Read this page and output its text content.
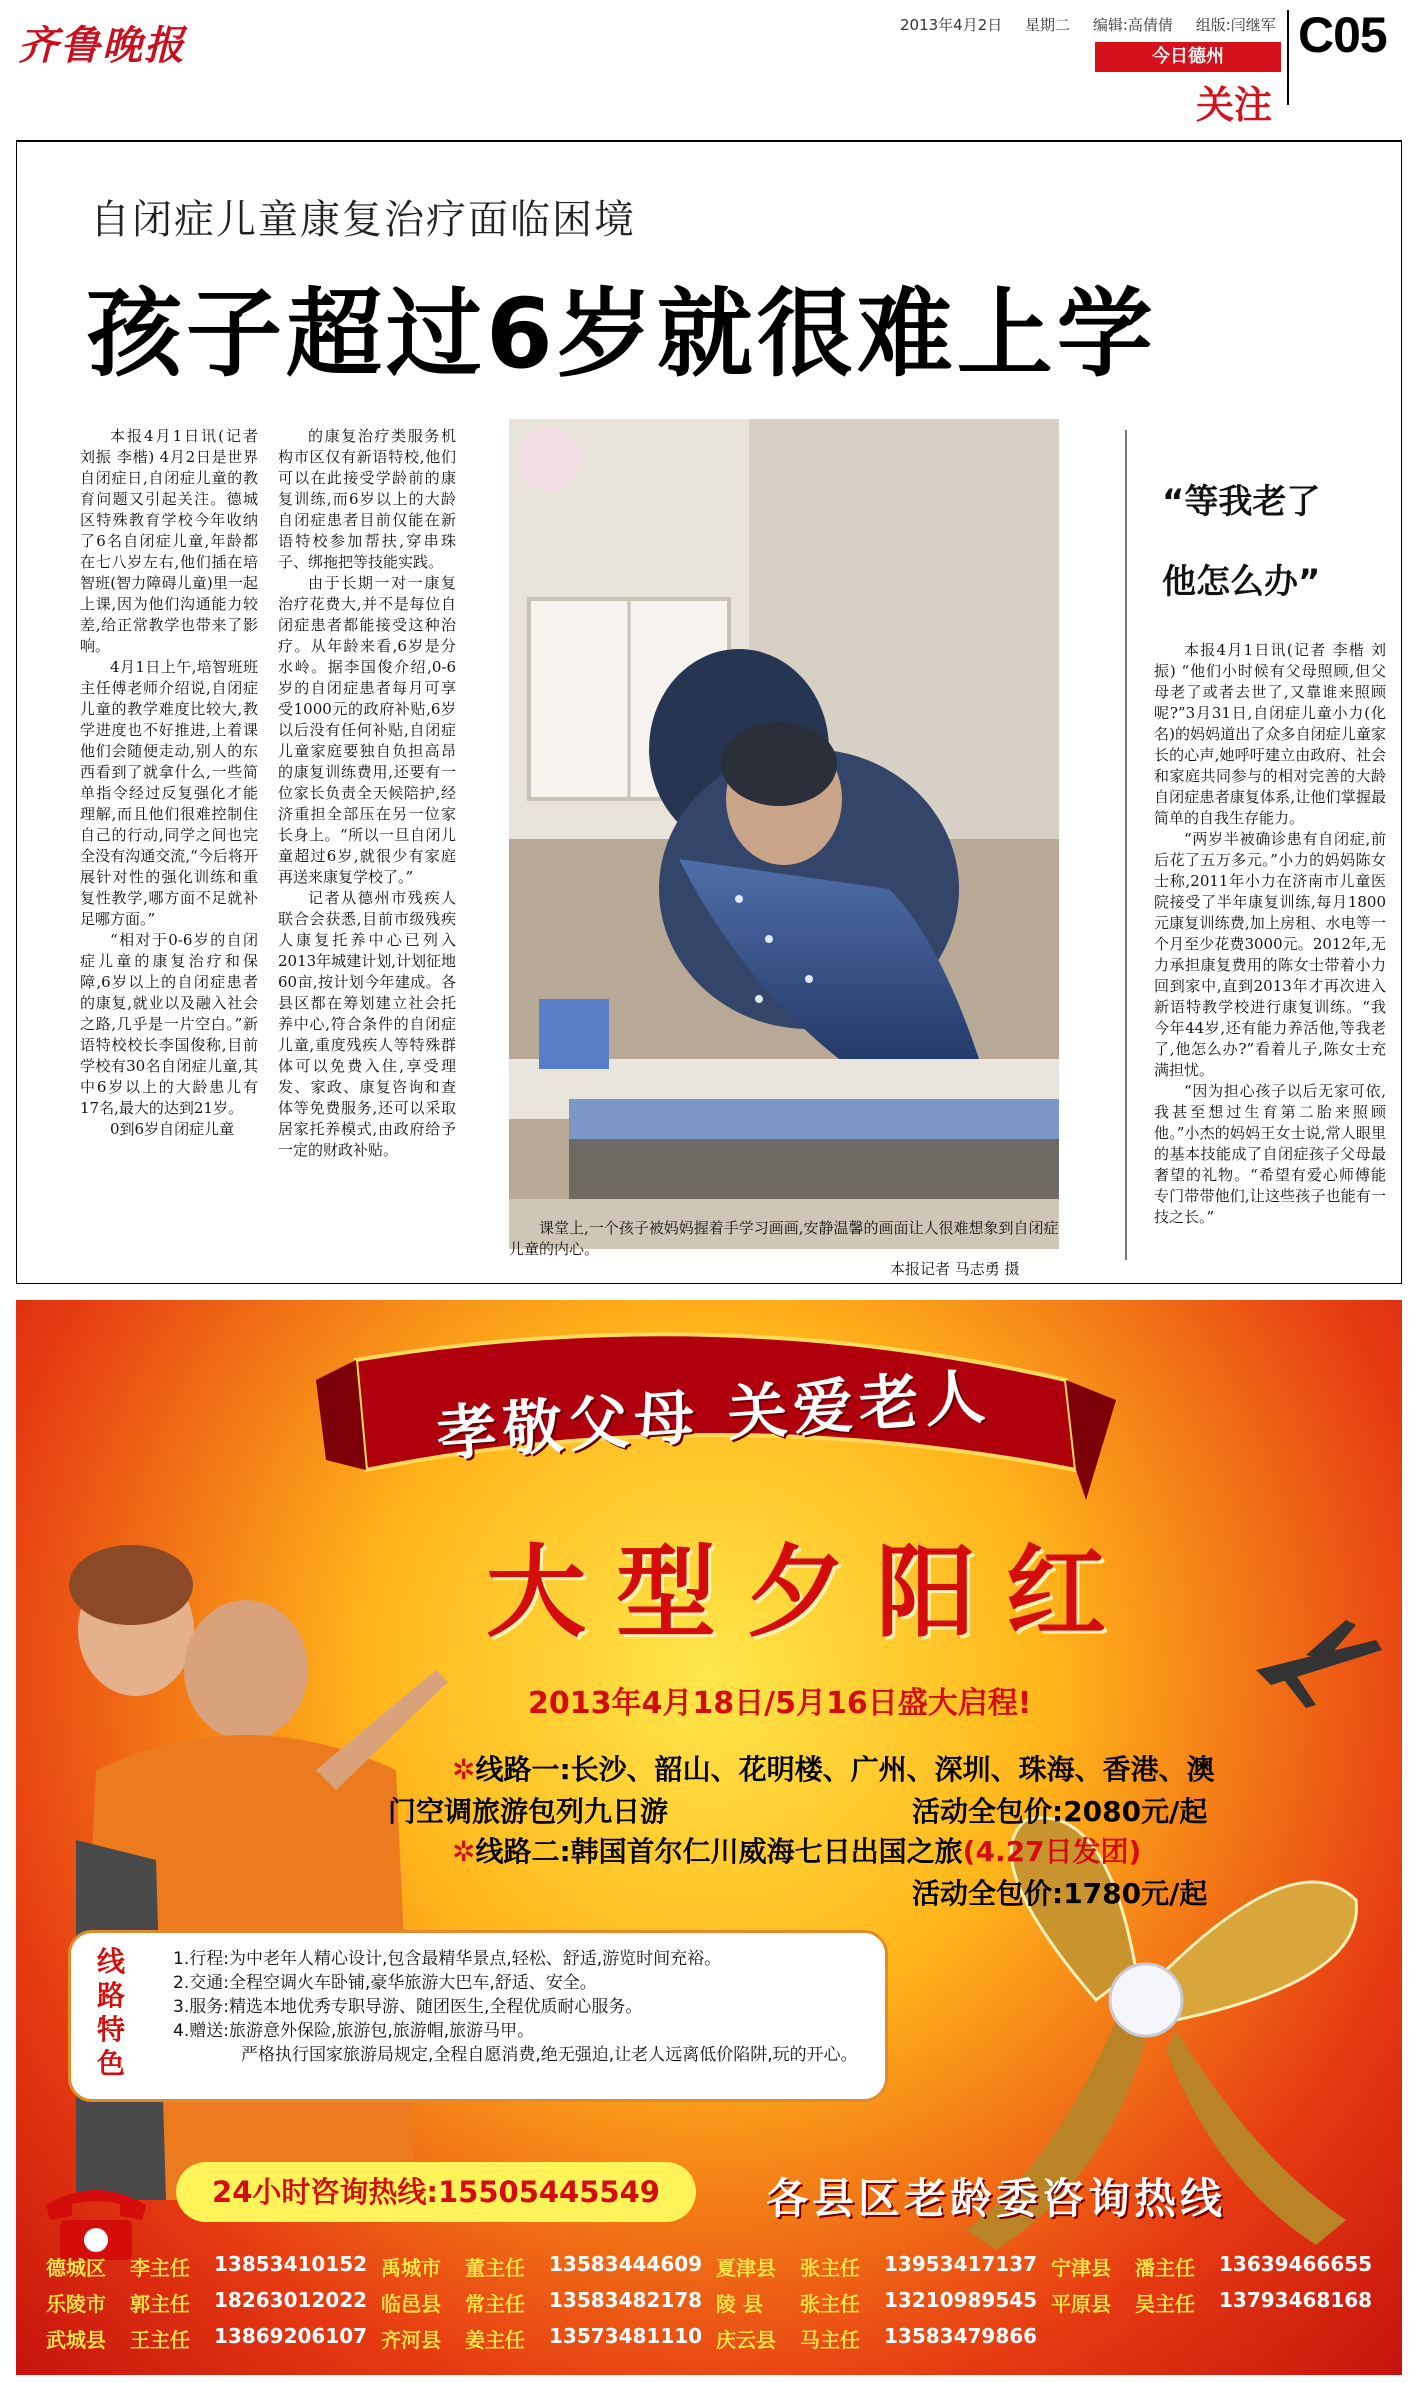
齐鲁晚报	2013年4月2日 星期二 编辑:高倩倩 组版:闫继军 C05
今日德州
关注
自闭症儿童康复治疗面临困境
孩子超过6岁就很难上学

本报4月1日讯(记者 刘振 李楷) 4月2日是世界自闭症日,自闭症儿童的教育问题又引起关注。德城区特殊教育学校今年收纳了6名自闭症儿童,年龄都在七八岁左右,他们插在培智班(智力障碍儿童)里一起上课,因为他们沟通能力较差,给正常教学也带来了影响。

4月1日上午,培智班班主任傅老师介绍说,自闭症儿童的教学难度比较大,教学进度也不好推进,上着课他们会随便走动,别人的东西看到了就拿什么,一些简单指令经过反复强化才能理解,而且他们很难控制住自己的行动,同学之间也完全没有沟通交流,“今后将开展针对性的强化训练和重复性教学,哪方面不足就补足哪方面。”

“相对于0-6岁的自闭症儿童的康复治疗和保障,6岁以上的自闭症患者的康复,就业以及融入社会之路,几乎是一片空白。”新语特校校长李国俊称,目前学校有30名自闭症儿童,其中6岁以上的大龄患儿有17名,最大的达到21岁。

0到6岁自闭症儿童

的康复治疗类服务机构市区仅有新语特校,他们可以在此接受学龄前的康复训练,而6岁以上的大龄自闭症患者目前仅能在新语特校参加帮扶,穿串珠子、绑拖把等技能实践。

由于长期一对一康复治疗花费大,并不是每位自闭症患者都能接受这种治疗。从年龄来看,6岁是分水岭。据李国俊介绍,0-6岁的自闭症患者每月可享受1000元的政府补贴,6岁以后没有任何补贴,自闭症儿童家庭要独自负担高昂的康复训练费用,还要有一位家长负责全天候陪护,经济重担全部压在另一位家长身上。“所以一旦自闭儿童超过6岁,就很少有家庭再送来康复学校了。”

记者从德州市残疾人联合会获悉,目前市级残疾人康复托养中心已列入2013年城建计划,计划征地60亩,按计划今年建成。各县区都在筹划建立社会托养中心,符合条件的自闭症儿童,重度残疾人等特殊群体可以免费入住,享受理发、家政、康复咨询和查体等免费服务,还可以采取居家托养模式,由政府给予一定的财政补贴。

课堂上,一个孩子被妈妈握着手学习画画,安静温馨的画面让人很难想象到自闭症儿童的内心。
本报记者 马志勇 摄
“等我老了
他怎么办”

本报4月1日讯(记者 李楷 刘振) “他们小时候有父母照顾,但父母老了或者去世了,又靠谁来照顾呢?”3月31日,自闭症儿童小力(化名)的妈妈道出了众多自闭症儿童家长的心声,她呼吁建立由政府、社会和家庭共同参与的相对完善的大龄自闭症患者康复体系,让他们掌握最简单的自我生存能力。

“两岁半被确诊患有自闭症,前后花了五万多元。”小力的妈妈陈女士称,2011年小力在济南市儿童医院接受了半年康复训练,每月1800元康复训练费,加上房租、水电等一个月至少花费3000元。2012年,无力承担康复费用的陈女士带着小力回到家中,直到2013年才再次进入新语特教学校进行康复训练。“我今年44岁,还有能力养活他,等我老了,他怎么办?”看着儿子,陈女士充满担忧。

“因为担心孩子以后无家可依,我甚至想过生育第二胎来照顾他。”小杰的妈妈王女士说,常人眼里的基本技能成了自闭症孩子父母最奢望的礼物。“希望有爱心师傅能专门带带他们,让这些孩子也能有一技之长。”

孝敬父母 关爱老人
大型夕阳红
2013年4月18日/5月16日盛大启程!
✲线路一:长沙、韶山、花明楼、广州、深圳、珠海、香港、澳
门空调旅游包列九日游	活动全包价:2080元/起
✲线路二:韩国首尔仁川威海七日出国之旅(4.27日发团)
活动全包价:1780元/起
线路特色
1.行程:为中老年人精心设计,包含最精华景点,轻松、舒适,游览时间充裕。
2.交通:全程空调火车卧铺,豪华旅游大巴车,舒适、安全。
3.服务:精选本地优秀专职导游、随团医生,全程优质耐心服务。
4.赠送:旅游意外保险,旅游包,旅游帽,旅游马甲。
严格执行国家旅游局规定,全程自愿消费,绝无强迫,让老人远离低价陷阱,玩的开心。
24小时咨询热线:15505445549	各县区老龄委咨询热线
德城区	李主任	13853410152 禹城市	董主任	13583444609 夏津县	张主任	13953417137 宁津县	潘主任	13639466655
乐陵市	郭主任	18263012022 临邑县	常主任	13583482178 陵 县	张主任	13210989545 平原县	吴主任	13793468168
武城县	王主任	13869206107 齐河县	姜主任	13573481110 庆云县	马主任	13583479866
